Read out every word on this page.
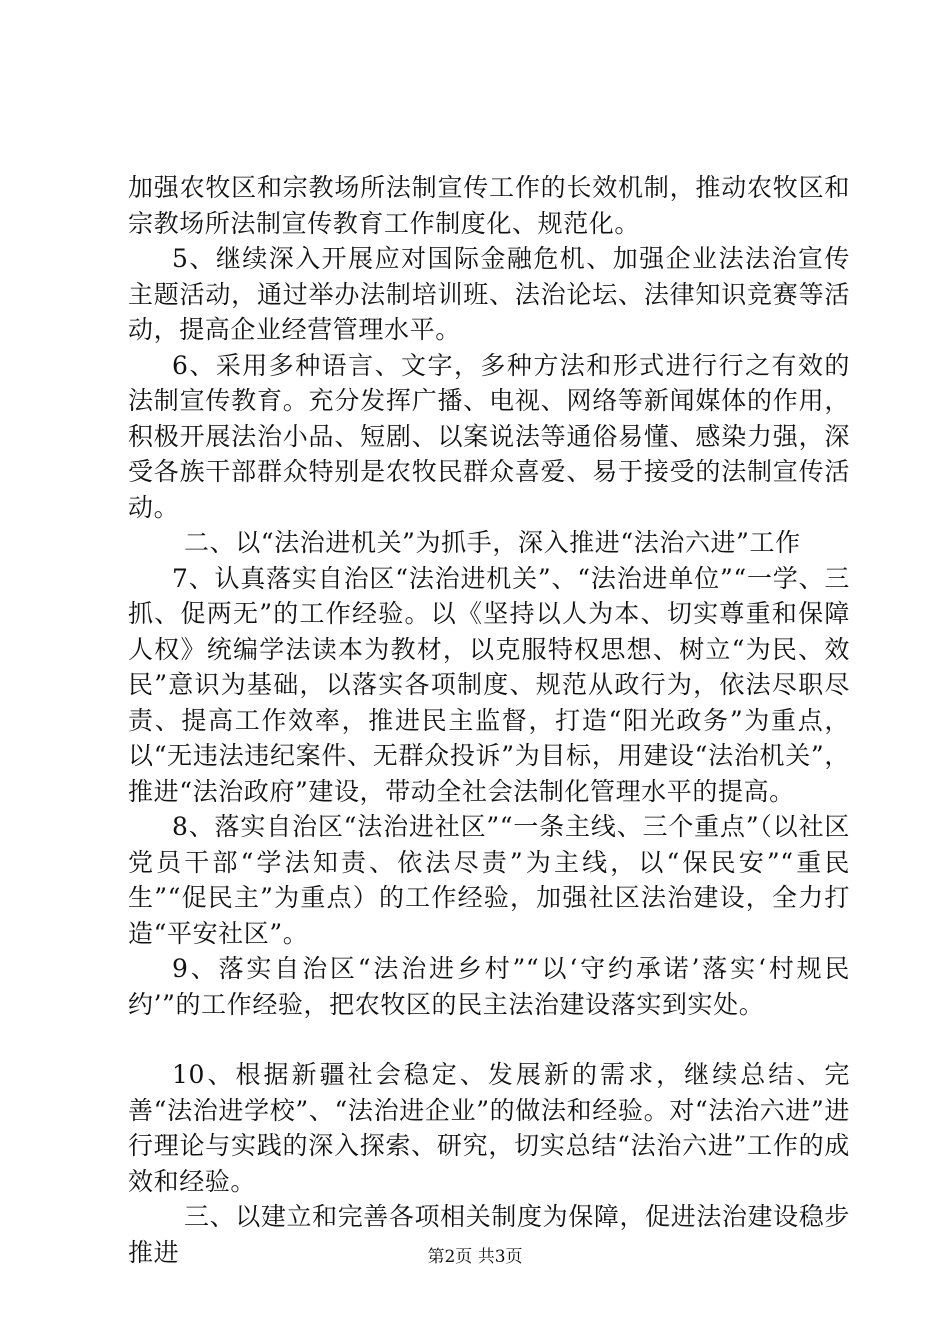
加强农牧区和宗教场所法制宣传工作的长效机制，推动农牧区和宗教场所法制宣传教育工作制度化、规范化。

5、继续深入开展应对国际金融危机、加强企业法法治宣传主题活动，通过举办法制培训班、法治论坛、法律知识竞赛等活动，提高企业经营管理水平。

6、采用多种语言、文字，多种方法和形式进行行之有效的法制宣传教育。充分发挥广播、电视、网络等新闻媒体的作用，积极开展法治小品、短剧、以案说法等通俗易懂、感染力强，深受各族干部群众特别是农牧民群众喜爱、易于接受的法制宣传活动。

二、以“法治进机关”为抓手，深入推进“法治六进”工作

7、认真落实自治区“法治进机关”、“法治进单位”“一学、三抓、促两无”的工作经验。以《坚持以人为本、切实尊重和保障人权》统编学法读本为教材，以克服特权思想、树立“为民、效民”意识为基础，以落实各项制度、规范从政行为，依法尽职尽责、提高工作效率，推进民主监督，打造“阳光政务”为重点，以“无违法违纪案件、无群众投诉”为目标，用建设“法治机关”，推进“法治政府”建设，带动全社会法制化管理水平的提高。

8、落实自治区“法治进社区”“一条主线、三个重点”（以社区党员干部“学法知责、依法尽责”为主线，以“保民安”“重民生”“促民主”为重点）的工作经验，加强社区法治建设，全力打造“平安社区”。

9、落实自治区“法治进乡村”“以‘守约承诺’落实‘村规民约’”的工作经验，把农牧区的民主法治建设落实到实处。

10、根据新疆社会稳定、发展新的需求，继续总结、完善“法治进学校”、“法治进企业”的做法和经验。对“法治六进”进行理论与实践的深入探索、研究，切实总结“法治六进”工作的成效和经验。

三、以建立和完善各项相关制度为保障，促进法治建设稳步推进	第2页 共3页
